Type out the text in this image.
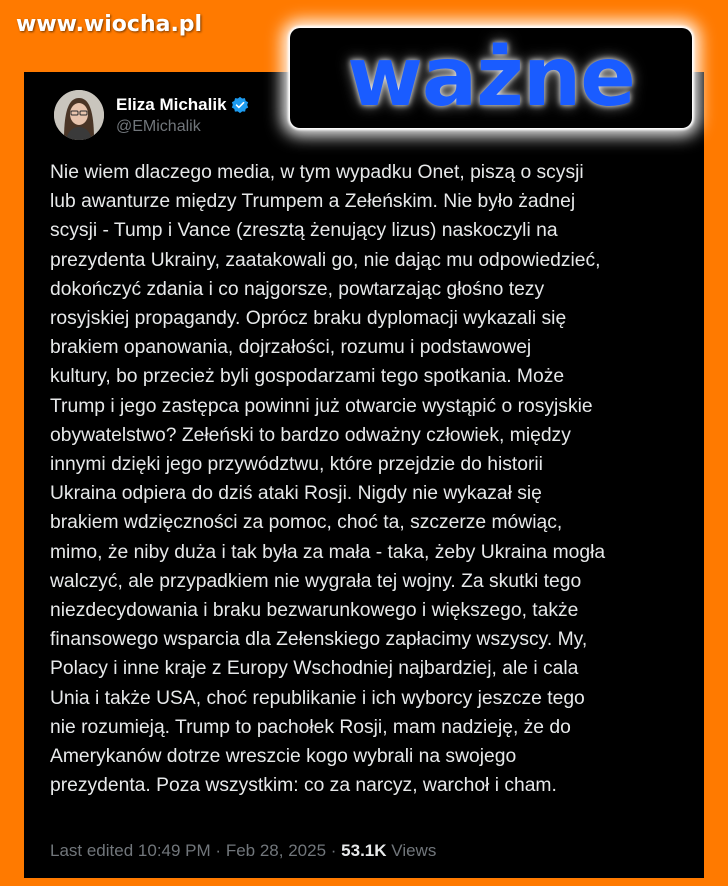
www.wiocha.pl
ważne
Eliza Michalik
@EMichalik

Nie wiem dlaczego media, w tym wypadku Onet, piszą o scysji
lub awanturze między Trumpem a Zełeńskim. Nie było żadnej
scysji - Tump i Vance (zresztą żenujący lizus) naskoczyli na
prezydenta Ukrainy, zaatakowali go, nie dając mu odpowiedzieć,
dokończyć zdania i co najgorsze, powtarzając głośno tezy
rosyjskiej propagandy. Oprócz braku dyplomacji wykazali się
brakiem opanowania, dojrzałości, rozumu i podstawowej
kultury, bo przecież byli gospodarzami tego spotkania. Może
Trump i jego zastępca powinni już otwarcie wystąpić o rosyjskie
obywatelstwo? Zełeński to bardzo odważny człowiek, między
innymi dzięki jego przywództwu, które przejdzie do historii
Ukraina odpiera do dziś ataki Rosji. Nigdy nie wykazał się
brakiem wdzięczności za pomoc, choć ta, szczerze mówiąc,
mimo, że niby duża i tak była za mała - taka, żeby Ukraina mogła
walczyć, ale przypadkiem nie wygrała tej wojny. Za skutki tego
niezdecydowania i braku bezwarunkowego i większego, także
finansowego wsparcia dla Zełenskiego zapłacimy wszyscy. My,
Polacy i inne kraje z Europy Wschodniej najbardziej, ale i cala
Unia i także USA, choć republikanie i ich wyborcy jeszcze tego
nie rozumieją. Trump to pachołek Rosji, mam nadzieję, że do
Amerykanów dotrze wreszcie kogo wybrali na swojego
prezydenta. Poza wszystkim: co za narcyz, warchoł i cham.

Last edited 10:49 PM · Feb 28, 2025 · 53.1K Views
